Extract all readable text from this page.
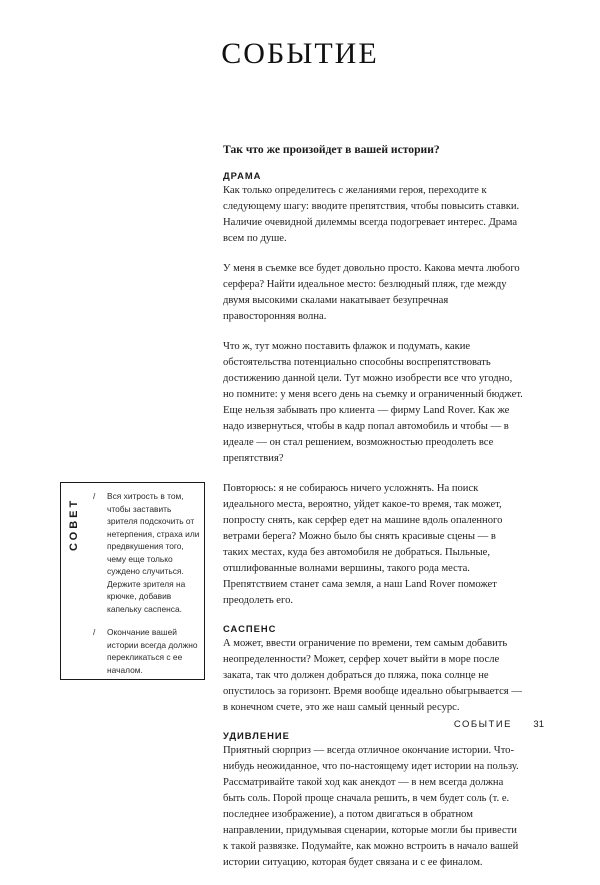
СОБЫТИЕ

Так что же произойдет в вашей истории?

ДРАМА

Как только определитесь с желаниями героя, переходите к следующему шагу: вводите препятствия, чтобы повысить ставки. Наличие очевидной дилеммы всегда подогревает интерес. Драма всем по душе.

У меня в съемке все будет довольно просто. Какова мечта любого серфера? Найти идеальное место: безлюдный пляж, где между двумя высокими скалами накатывает безупречная правосторонняя волна.

Что ж, тут можно поставить флажок и подумать, какие обстоятельства потенциально способны воспрепятствовать достижению данной цели. Тут можно изобрести все что угодно, но помните: у меня всего день на съемку и ограниченный бюджет. Еще нельзя забывать про клиента — фирму Land Rover. Как же надо извернуться, чтобы в кадр попал автомобиль и чтобы — в идеале — он стал решением, возможностью преодолеть все препятствия?

Повторюсь: я не собираюсь ничего усложнять. На поиск идеального места, вероятно, уйдет какое-то время, так может, попросту снять, как серфер едет на машине вдоль опаленного ветрами берега? Можно было бы снять красивые сцены — в таких местах, куда без автомобиля не добраться. Пыльные, отшлифованные волнами вершины, такого рода места. Препятствием станет сама земля, а наш Land Rover поможет преодолеть его.

САСПЕНС

А может, ввести ограничение по времени, тем самым добавить неопределенности? Может, серфер хочет выйти в море после заката, так что должен добраться до пляжа, пока солнце не опустилось за горизонт. Время вообще идеально обыгрывается — в конечном счете, это же наш самый ценный ресурс.

УДИВЛЕНИЕ

Приятный сюрприз — всегда отличное окончание истории. Что-нибудь неожиданное, что по-настоящему идет истории на пользу. Рассматривайте такой ход как анекдот — в нем всегда должна быть соль. Порой проще сначала решить, в чем будет соль (т. е. последнее изображение), а потом двигаться в обратном направлении, придумывая сценарии, которые могли бы привести к такой развязке. Подумайте, как можно встроить в начало вашей истории ситуацию, которая будет связана и с ее финалом.

СОВЕТ
/ Вся хитрость в том, чтобы заставить зрителя подскочить от нетерпения, страха или предвкушения того, чему еще только суждено случиться. Держите зрителя на крючке, добавив капельку саспенса.
/ Окончание вашей истории всегда должно перекликаться с ее началом.
СОБЫТИЕ 31
